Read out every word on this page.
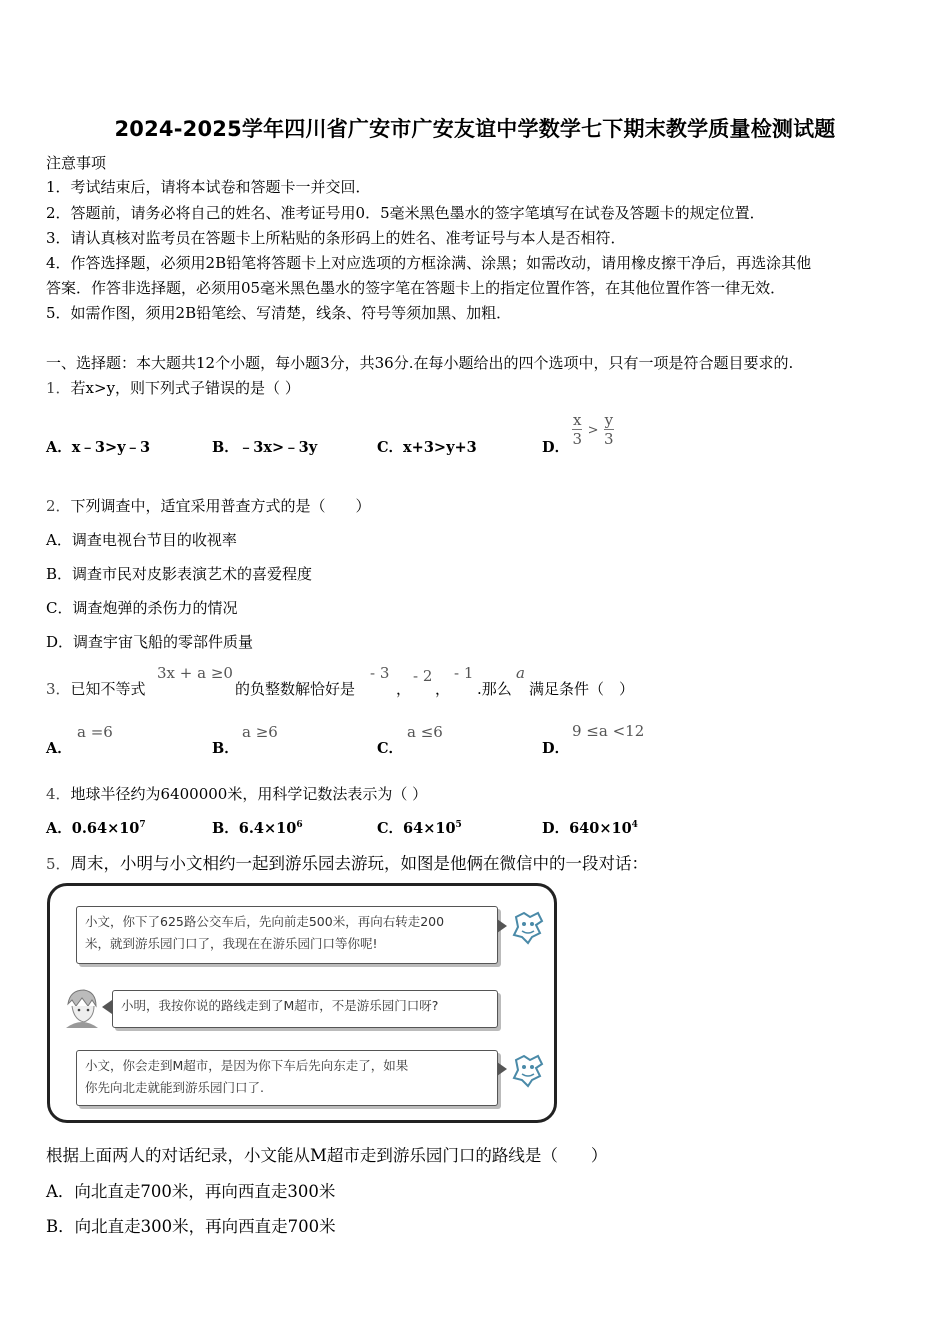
2024-2025学年四川省广安市广安友谊中学数学七下期末教学质量检测试题
注意事项
1．考试结束后，请将本试卷和答题卡一并交回．
2．答题前，请务必将自己的姓名、准考证号用0．5毫米黑色墨水的签字笔填写在试卷及答题卡的规定位置．
3．请认真核对监考员在答题卡上所粘贴的条形码上的姓名、准考证号与本人是否相符．
4．作答选择题，必须用2B铅笔将答题卡上对应选项的方框涂满、涂黑；如需改动，请用橡皮擦干净后，再选涂其他
答案．作答非选择题，必须用05毫米黑色墨水的签字笔在答题卡上的指定位置作答，在其他位置作答一律无效．
5．如需作图，须用2B铅笔绘、写清楚，线条、符号等须加黑、加粗．
一、选择题：本大题共12个小题，每小题3分，共36分.在每小题给出的四个选项中，只有一项是符合题目要求的.
1．若x>y，则下列式子错误的是（ ）
A．x﹣3>y﹣3	B．﹣3x>﹣3y	C．x+3>y+3	D． $\frac{x}{3} > \frac{y}{3}$
2．下列调查中，适宜采用普查方式的是（　　）
A．调查电视台节目的收视率
B．调查市民对皮影表演艺术的喜爱程度
C．调查炮弹的杀伤力的情况
D．调查宇宙飞船的零部件质量
3．已知不等式
3x + a ≥0
的负整数解恰好是
- 3
，
- 2
，
- 1
.那么
a
满足条件（　）
A．
a =6
B．
a ≥6
C．
a ≤6
D．
9 ≤a <12
4．地球半径约为6400000米，用科学记数法表示为（ ）
A．$0.64\times 10^7$	B．$6.4\times 10^6$	C．$64\times 10^5$	D．$640\times 10^4$
5．周末，小明与小文相约一起到游乐园去游玩，如图是他俩在微信中的一段对话：
小文，你下了625路公交车后，先向前走500米，再向右转走200
米，就到游乐园门口了，我现在在游乐园门口等你呢!
小明，我按你说的路线走到了M超市，不是游乐园门口呀?
小文，你会走到M超市，是因为你下车后先向东走了，如果
你先向北走就能到游乐园门口了.
根据上面两人的对话纪录，小文能从M超市走到游乐园门口的路线是（　　）
A．向北直走700米，再向西直走300米
B．向北直走300米，再向西直走700米
